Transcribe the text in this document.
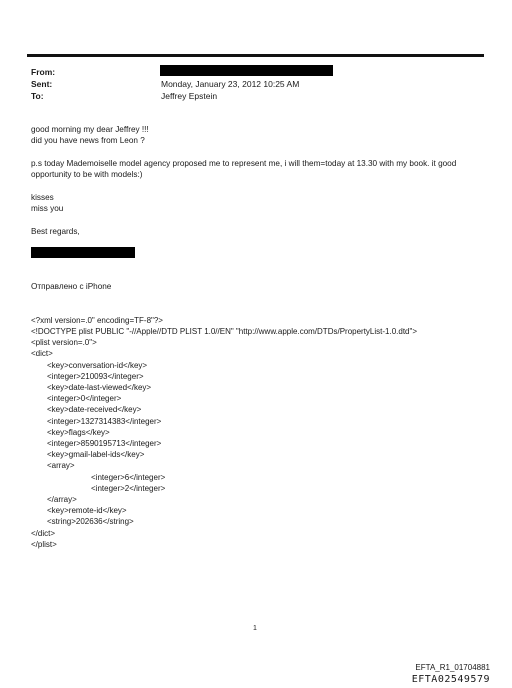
From:
Sent:	Monday, January 23, 2012 10:25 AM
To:	Jeffrey Epstein
good morning my dear Jeffrey !!!
did you have news from Leon ?
p.s today Mademoiselle model agency proposed me to represent me, i will them=today at 13.30 with my book. it good
opportunity to be with models:)
kisses
miss you
Best regards,
Отправлено с iPhone
<?xml version=.0" encoding=TF-8"?>
<!DOCTYPE plist PUBLIC "-//Apple//DTD PLIST 1.0//EN" "http://www.apple.com/DTDs/PropertyList-1.0.dtd">
<plist version=.0">
<dict>
<key>conversation-id</key>
<integer>210093</integer>
<key>date-last-viewed</key>
<integer>0</integer>
<key>date-received</key>
<integer>1327314383</integer>
<key>flags</key>
<integer>8590195713</integer>
<key>gmail-label-ids</key>
<array>
<integer>6</integer>
<integer>2</integer>
</array>
<key>remote-id</key>
<string>202636</string>
</dict>
</plist>
1
EFTA_R1_01704881
EFTA02549579
